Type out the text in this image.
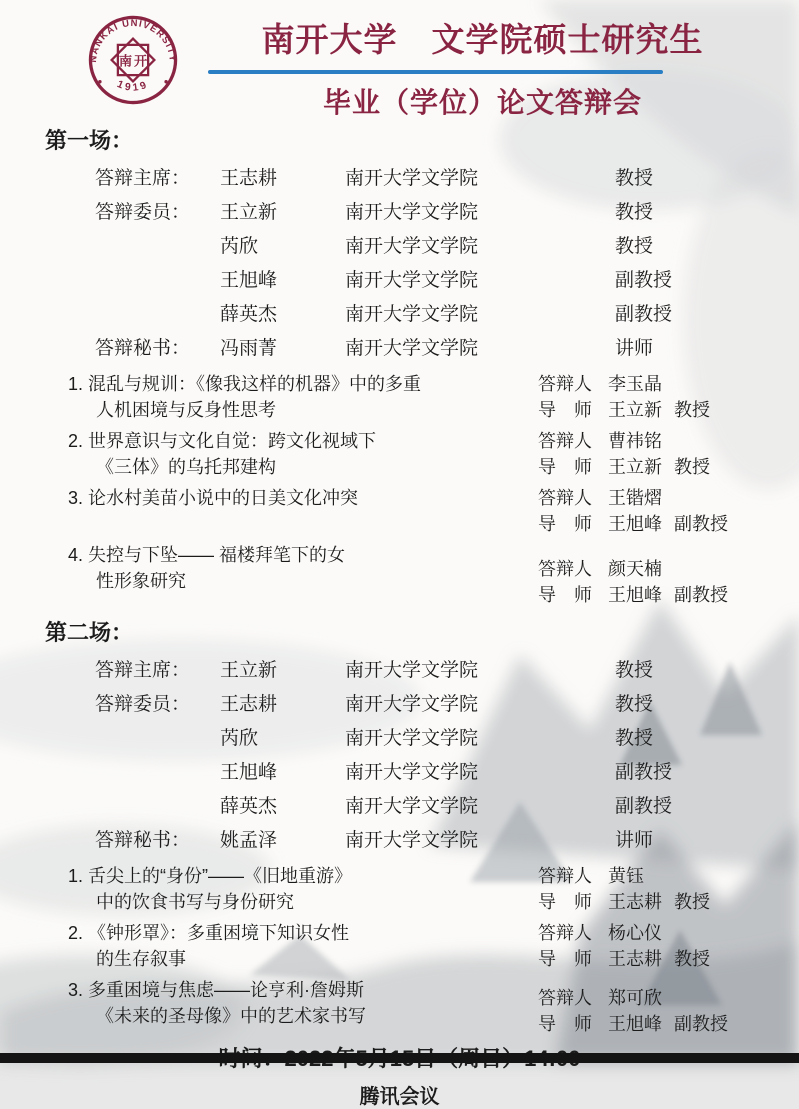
NANKAI UNIVERSITY
1919
南 开
南开大学　文学院硕士研究生
毕业（学位）论文答辩会
第一场：
答辩主席：	王志耕	南开大学文学院	教授
答辩委员：	王立新	南开大学文学院	教授
芮欣	南开大学文学院	教授
王旭峰	南开大学文学院	副教授
薛英杰	南开大学文学院	副教授
答辩秘书：	冯雨菁	南开大学文学院	讲师
1. 混乱与规训：《像我这样的机器》中的多重
人机困境与反身性思考
答辩人 李玉晶
导　师 王立新 教授
2. 世界意识与文化自觉：跨文化视域下
《三体》的乌托邦建构
答辩人 曹祎铭
导　师 王立新 教授
3. 论水村美苗小说中的日美文化冲突	答辩人 王锴熠
导　师 王旭峰 副教授
4. 失控与下坠—— 福楼拜笔下的女
性形象研究
答辩人 颜天楠
导　师 王旭峰 副教授
第二场：
答辩主席：	王立新	南开大学文学院	教授
答辩委员：	王志耕	南开大学文学院	教授
芮欣	南开大学文学院	教授
王旭峰	南开大学文学院	副教授
薛英杰	南开大学文学院	副教授
答辩秘书：	姚孟泽	南开大学文学院	讲师
1. 舌尖上的“身份”——《旧地重游》
中的饮食书写与身份研究
答辩人 黄钰
导　师 王志耕 教授
2. 《钟形罩》：多重困境下知识女性
的生存叙事
答辩人 杨心仪
导　师 王志耕 教授
3. 多重困境与焦虑——论亨利·詹姆斯
《未来的圣母像》中的艺术家书写
答辩人 郑可欣
导　师 王旭峰 副教授
腾讯会议
